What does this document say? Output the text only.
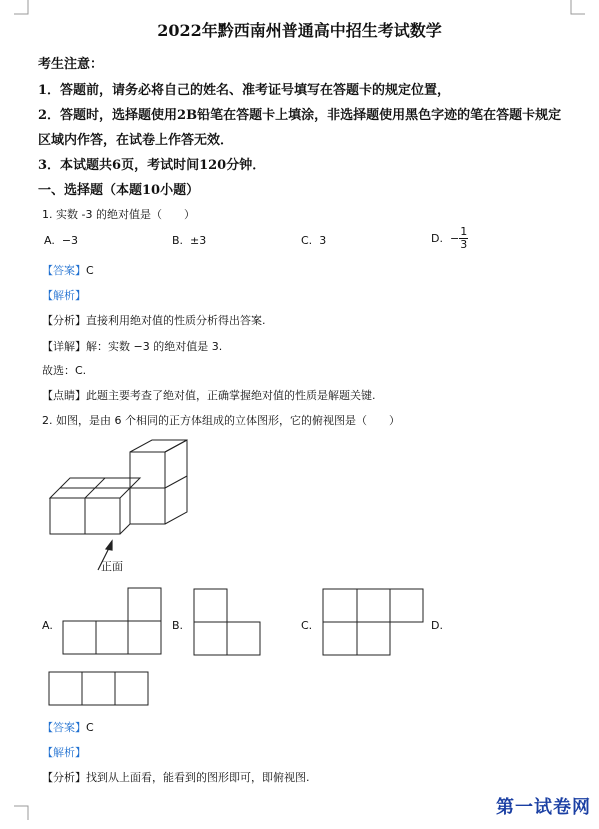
2022年黔西南州普通高中招生考试数学
考生注意：
1．答题前，请务必将自己的姓名、准考证号填写在答题卡的规定位置，
2．答题时，选择题使用2B铅笔在答题卡上填涂，非选择题使用黑色字迹的笔在答题卡规定
区域内作答，在试卷上作答无效．
3．本试题共6页，考试时间120分钟．
一、选择题（本题10小题）
1. 实数 -3 的绝对值是（　　）
A. −3	B. ±3	C. 3	D. − $\frac{1}{3}$
【答案】C
【解析】
【分析】直接利用绝对值的性质分析得出答案.
【详解】解：实数 −3 的绝对值是 3.
故选：C.
【点睛】此题主要考查了绝对值，正确掌握绝对值的性质是解题关键.
2. 如图，是由 6 个相同的正方体组成的立体图形，它的俯视图是（　　）
正面
A.	B.	C.	D.
【答案】C
【解析】
【分析】找到从上面看，能看到的图形即可，即俯视图.
第一试卷网
